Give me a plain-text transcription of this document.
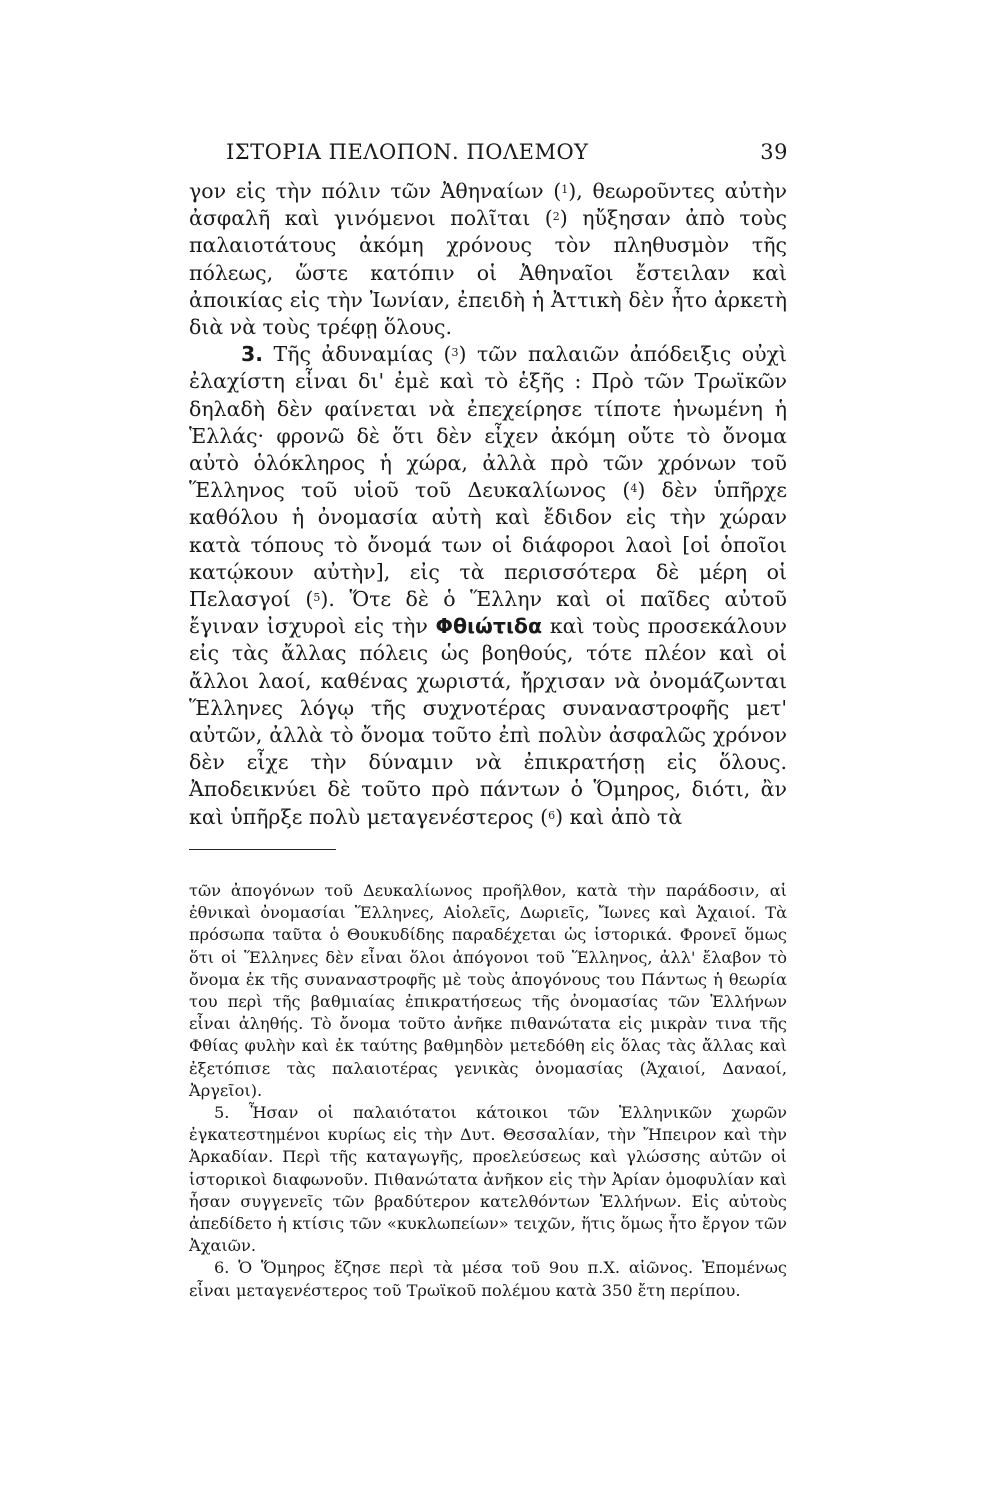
ΙΣΤΟΡΙΑ ΠΕΛΟΠΟΝ. ΠΟΛΕΜΟΥ	39

γον εἰς τὴν πόλιν τῶν Ἀθηναίων ($^1$), θεωροῦντες αὐτὴν ἀσφαλῆ καὶ γινόμενοι πολῖται ($^2$) ηὔξησαν ἀπὸ τοὺς παλαιοτάτους ἀκόμη χρόνους τὸν πληθυσμὸν τῆς πόλεως, ὥστε κατόπιν οἱ Ἀθηναῖοι ἔστειλαν καὶ ἀποικίας εἰς τὴν Ἰωνίαν, ἐπειδὴ ἡ Ἀττικὴ δὲν ἦτο ἀρκετὴ διὰ νὰ τοὺς τρέφῃ ὅλους.

3. Τῆς ἀδυναμίας ($^3$) τῶν παλαιῶν ἀπόδειξις οὐχὶ ἐλαχίστη εἶναι δι' ἐμὲ καὶ τὸ ἑξῆς : Πρὸ τῶν Τρωϊκῶν δηλαδὴ δὲν φαίνεται νὰ ἐπεχείρησε τίποτε ἡνωμένη ἡ Ἑλλάς· φρονῶ δὲ ὅτι δὲν εἶχεν ἀκόμη οὔτε τὸ ὄνομα αὐτὸ ὁλόκληρος ἡ χώρα, ἀλλὰ πρὸ τῶν χρόνων τοῦ Ἕλληνος τοῦ υἱοῦ τοῦ Δευκαλίωνος ($^4$) δὲν ὑπῆρχε καθόλου ἡ ὀνομασία αὐτὴ καὶ ἔδιδον εἰς τὴν χώραν κατὰ τόπους τὸ ὄνομά των οἱ διάφοροι λαοὶ [οἱ ὁποῖοι κατῴκουν αὐτὴν], εἰς τὰ περισσότερα δὲ μέρη οἱ Πελασγοί ($^5$). Ὅτε δὲ ὁ Ἕλλην καὶ οἱ παῖδες αὐτοῦ ἔγιναν ἰσχυροὶ εἰς τὴν Φθιώτιδα καὶ τοὺς προσεκάλουν εἰς τὰς ἄλλας πόλεις ὡς βοηθούς, τότε πλέον καὶ οἱ ἄλλοι λαοί, καθένας χωριστά, ἤρχισαν νὰ ὀνομάζωνται Ἕλληνες λόγῳ τῆς συχνοτέρας συναναστροφῆς μετ' αὐτῶν, ἀλλὰ τὸ ὄνομα τοῦτο ἐπὶ πολὺν ἀσφαλῶς χρόνον δὲν εἶχε τὴν δύναμιν νὰ ἐπικρατήσῃ εἰς ὅλους. Ἀποδεικνύει δὲ τοῦτο πρὸ πάντων ὁ Ὅμηρος, διότι, ἂν καὶ ὑπῆρξε πολὺ μεταγενέστερος ($^6$) καὶ ἀπὸ τὰ

τῶν ἀπογόνων τοῦ Δευκαλίωνος προῆλθον, κατὰ τὴν παράδοσιν, αἱ ἐθνικαὶ ὀνομασίαι Ἕλληνες, Αἰολεῖς, Δωριεῖς, Ἴωνες καὶ Ἀχαιοί. Τὰ πρόσωπα ταῦτα ὁ Θουκυδίδης παραδέχεται ὡς ἱστορικά. Φρονεῖ ὅμως ὅτι οἱ Ἕλληνες δὲν εἶναι ὅλοι ἀπόγονοι τοῦ Ἕλληνος, ἀλλ' ἔλαβον τὸ ὄνομα ἐκ τῆς συναναστροφῆς μὲ τοὺς ἀπογόνους του Πάντως ἡ θεωρία του περὶ τῆς βαθμιαίας ἐπικρατήσεως τῆς ὀνομασίας τῶν Ἑλλήνων εἶναι ἀληθής. Τὸ ὄνομα τοῦτο ἀνῆκε πιθανώτατα εἰς μικρὰν τινα τῆς Φθίας φυλὴν καὶ ἐκ ταύτης βαθμηδὸν μετεδόθη εἰς ὅλας τὰς ἄλλας καὶ ἐξετόπισε τὰς παλαιοτέρας γενικὰς ὀνομασίας (Ἀχαιοί, Δαναοί, Ἀργεῖοι).

5. Ἦσαν οἱ παλαιότατοι κάτοικοι τῶν Ἑλληνικῶν χωρῶν ἐγκατεστημένοι κυρίως εἰς τὴν Δυτ. Θεσσαλίαν, τὴν Ἤπειρον καὶ τὴν Ἀρκαδίαν. Περὶ τῆς καταγωγῆς, προελεύσεως καὶ γλώσσης αὐτῶν οἱ ἱστορικοὶ διαφωνοῦν. Πιθανώτατα ἀνῆκον εἰς τὴν Ἀρίαν ὁμοφυλίαν καὶ ἦσαν συγγενεῖς τῶν βραδύτερον κατελθόντων Ἑλλήνων. Εἰς αὐτοὺς ἀπεδίδετο ἡ κτίσις τῶν «κυκλωπείων» τειχῶν, ἥτις ὅμως ἦτο ἔργον τῶν Ἀχαιῶν.

6. Ὁ Ὅμηρος ἔζησε περὶ τὰ μέσα τοῦ 9ου π.Χ. αἰῶνος. Ἑπομένως εἶναι μεταγενέστερος τοῦ Τρωϊκοῦ πολέμου κατὰ 350 ἔτη περίπου.
